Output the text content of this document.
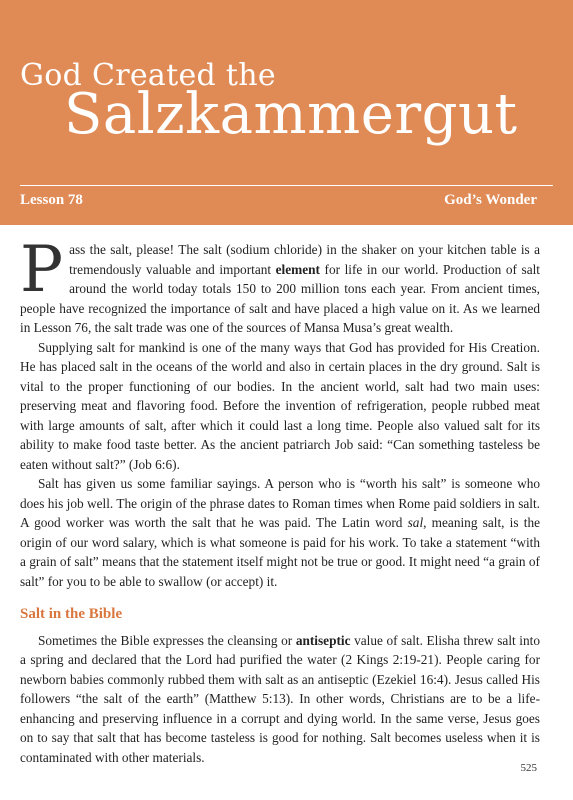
God Created the
Salzkammergut
Lesson 78	God’s Wonder

Pass the salt, please! The salt (sodium chloride) in the shaker on your kitchen table is a tremendously valuable and important element for life in our world. Production of salt around the world today totals 150 to 200 million tons each year. From ancient times, people have recognized the importance of salt and have placed a high value on it. As we learned in Lesson 76, the salt trade was one of the sources of Mansa Musa’s great wealth.

Supplying salt for mankind is one of the many ways that God has provided for His Creation. He has placed salt in the oceans of the world and also in certain places in the dry ground. Salt is vital to the proper functioning of our bodies. In the ancient world, salt had two main uses: preserving meat and flavoring food. Before the invention of refrigeration, people rubbed meat with large amounts of salt, after which it could last a long time. People also valued salt for its ability to make food taste better. As the ancient patriarch Job said: “Can something tasteless be eaten without salt?” (Job 6:6).

Salt has given us some familiar sayings. A person who is “worth his salt” is someone who does his job well. The origin of the phrase dates to Roman times when Rome paid soldiers in salt. A good worker was worth the salt that he was paid. The Latin word sal, meaning salt, is the origin of our word salary, which is what someone is paid for his work. To take a statement “with a grain of salt” means that the statement itself might not be true or good. It might need “a grain of salt” for you to be able to swallow (or accept) it.

Salt in the Bible

Sometimes the Bible expresses the cleansing or antiseptic value of salt. Elisha threw salt into a spring and declared that the Lord had purified the water (2 Kings 2:19-21). People caring for newborn babies commonly rubbed them with salt as an antiseptic (Ezekiel 16:4). Jesus called His followers “the salt of the earth” (Matthew 5:13). In other words, Christians are to be a life-enhancing and preserving influence in a corrupt and dying world. In the same verse, Jesus goes on to say that salt that has become tasteless is good for nothing. Salt becomes useless when it is contaminated with other materials.

525
